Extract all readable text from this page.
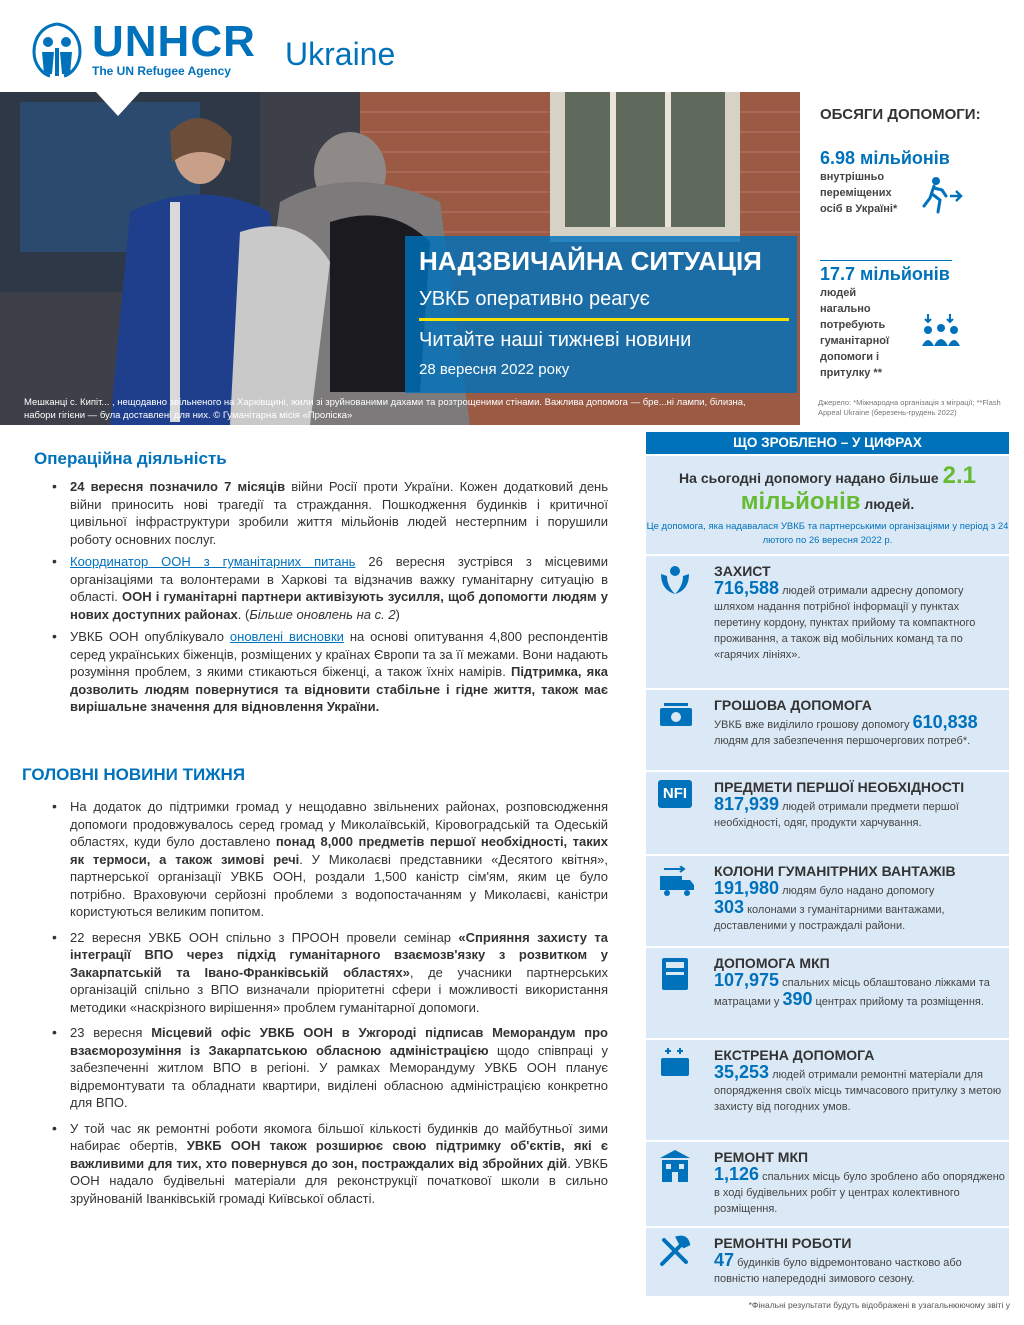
UNHCR
The UN Refugee Agency	Ukraine
НАДЗВИЧАЙНА СИТУАЦІЯ
УВКБ оперативно реагує
Читайте наші тижневі новини
28 вересня 2022 року
Мешканці с. Кипіт... , нещодавно звільненого на Харківщині, жили зі зруйнованими дахами та розтрощеними стінами. Важлива допомога — бре...ні лампи, білизна, набори гігієни — була доставлені для них. © Гуманітарна місія «Проліска»
ОБСЯГИ ДОПОМОГИ:
6.98 мільйонів
внутрішньо переміщених осіб в Україні*
17.7 мільйонів
людей нагально потребують гуманітарної допомоги і притулку **
Джерело: *Міжнародна організація з міграції; **Flash Appeal Ukraine (березень-грудень 2022)
Операційна діяльність
• 24 вересня позначило 7 місяців війни Росії проти України. Кожен додатковий день війни приносить нові трагедії та страждання. Пошкодження будинків і критичної цивільної інфраструктури зробили життя мільйонів людей нестерпним і порушили роботу основних послуг.
• Координатор ООН з гуманітарних питань 26 вересня зустрівся з місцевими організаціями та волонтерами в Харкові та відзначив важку гуманітарну ситуацію в області. ООН і гуманітарні партнери активізують зусилля, щоб допомогти людям у нових доступних районах. (Більше оновлень на с. 2)
• УВКБ ООН опублікувало оновлені висновки на основі опитування 4,800 респондентів серед українських біженців, розміщених у країнах Європи та за її межами. Вони надають розуміння проблем, з якими стикаються біженці, а також їхніх намірів. Підтримка, яка дозволить людям повернутися та відновити стабільне і гідне життя, також має вирішальне значення для відновлення України.
ГОЛОВНІ НОВИНИ ТИЖНЯ
• На додаток до підтримки громад у нещодавно звільнених районах, розповсюдження допомоги продовжувалось серед громад у Миколаївській, Кіровоградській та Одеській областях, куди було доставлено понад 8,000 предметів першої необхідності, таких як термоси, а також зимові речі. У Миколаєві представники «Десятого квітня», партнерської організації УВКБ ООН, роздали 1,500 каністр сім'ям, яким це було потрібно. Враховуючи серйозні проблеми з водопостачанням у Миколаєві, каністри користуються великим попитом.
• 22 вересня УВКБ ООН спільно з ПРООН провели семінар «Сприяння захисту та інтеграції ВПО через підхід гуманітарного взаємозв'язку з розвитком у Закарпатській та Івано-Франківській областях», де учасники партнерських організацій спільно з ВПО визначали пріоритетні сфери і можливості використання методики «наскрізного вирішення» проблем гуманітарної допомоги.
• 23 вересня Місцевий офіс УВКБ ООН в Ужгороді підписав Меморандум про взаєморозуміння із Закарпатською обласною адміністрацією щодо співпраці у забезпеченні житлом ВПО в регіоні. У рамках Меморандуму УВКБ ООН планує відремонтувати та обладнати квартири, виділені обласною адміністрацією конкретно для ВПО.
• У той час як ремонтні роботи якомога більшої кількості будинків до майбутньої зими набирає обертів, УВКБ ООН також розширює свою підтримку об'єктів, які є важливими для тих, хто повернувся до зон, постраждалих від збройних дій. УВКБ ООН надало будівельні матеріали для реконструкції початкової школи в сильно зруйнованій Іванківській громаді Київської області.
ЩО ЗРОБЛЕНО – У ЦИФРАХ
На сьогодні допомогу надано більше 2.1 мільйонів людей.
Це допомога, яка надавалася УВКБ та партнерськими організаціями у період з 24 лютого по 26 вересня 2022 р.
ЗАХИСТ
716,588 людей отримали адресну допомогу шляхом надання потрібної інформації у пунктах перетину кордону, пунктах прийому та компактного проживання, а також від мобільних команд та по «гарячих лініях».
ГРОШОВА ДОПОМОГА
УВКБ вже виділило грошову допомогу 610,838 людям для забезпечення першочергових потреб*.
NFI	ПРЕДМЕТИ ПЕРШОЇ НЕОБХІДНОСТІ
817,939 людей отримали предмети першої необхідності, одяг, продукти харчування.
КОЛОНИ ГУМАНІТРНИХ ВАНТАЖІВ
191,980 людям було надано допомогу
303 колонами з гуманітарними вантажами, доставленими у постраждалі райони.
ДОПОМОГА МКП
107,975 спальних місць облаштовано ліжками та матрацами у 390 центрах прийому та розміщення.
ЕКСТРЕНА ДОПОМОГА
35,253 людей отримали ремонтні матеріали для опорядження своїх місць тимчасового притулку з метою захисту від погодних умов.
РЕМОНТ МКП
1,126 спальних місць було зроблено або опоряджено в ході будівельних робіт у центрах колективного розміщення.
РЕМОНТНІ РОБОТИ
47 будинків було відремонтовано частково або повністю напередодні зимового сезону.
*Фінальні результати будуть відображені в узагальнюючому звіті у
